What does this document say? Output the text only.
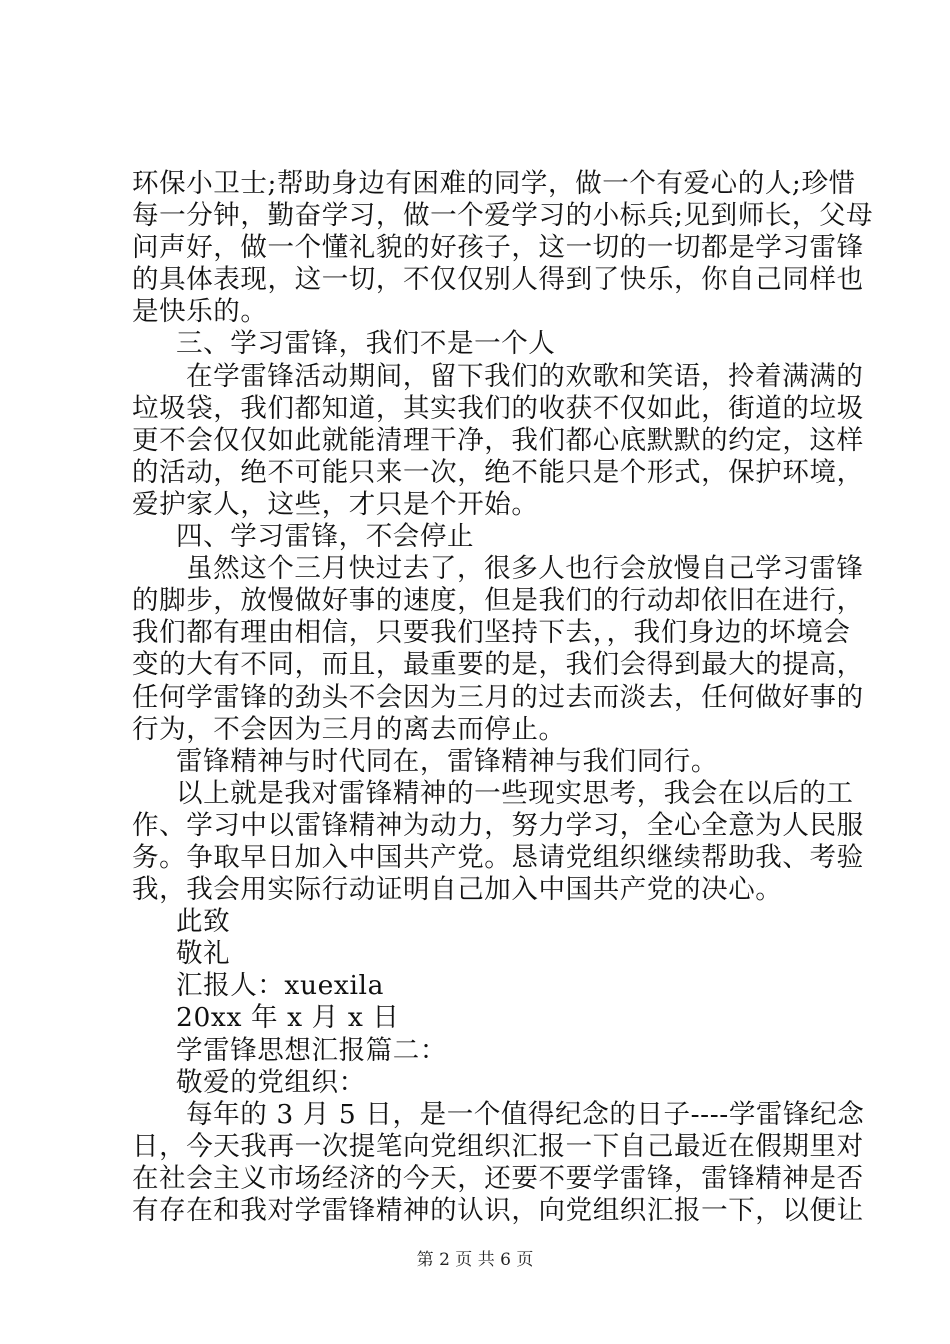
环保小卫士;帮助身边有困难的同学，做一个有爱心的人;珍惜
每一分钟，勤奋学习，做一个爱学习的小标兵;见到师长，父母
问声好，做一个懂礼貌的好孩子，这一切的一切都是学习雷锋
的具体表现，这一切，不仅仅别人得到了快乐，你自己同样也
是快乐的。
三、学习雷锋，我们不是一个人
在学雷锋活动期间，留下我们的欢歌和笑语，拎着满满的
垃圾袋，我们都知道，其实我们的收获不仅如此，街道的垃圾
更不会仅仅如此就能清理干净，我们都心底默默的约定，这样
的活动，绝不可能只来一次，绝不能只是个形式，保护环境，
爱护家人，这些，才只是个开始。
四、学习雷锋，不会停止
虽然这个三月快过去了，很多人也行会放慢自己学习雷锋
的脚步，放慢做好事的速度，但是我们的行动却依旧在进行，
我们都有理由相信，只要我们坚持下去，，我们身边的坏境会
变的大有不同，而且，最重要的是，我们会得到最大的提高，
任何学雷锋的劲头不会因为三月的过去而淡去，任何做好事的
行为，不会因为三月的离去而停止。
雷锋精神与时代同在，雷锋精神与我们同行。
以上就是我对雷锋精神的一些现实思考，我会在以后的工
作、学习中以雷锋精神为动力，努力学习，全心全意为人民服
务。争取早日加入中国共产党。恳请党组织继续帮助我、考验
我，我会用实际行动证明自己加入中国共产党的决心。
此致
敬礼
汇报人：xuexila
20xx 年 x 月 x 日
学雷锋思想汇报篇二：
敬爱的党组织：
每年的 3 月 5 日，是一个值得纪念的日子----学雷锋纪念
日，今天我再一次提笔向党组织汇报一下自己最近在假期里对
在社会主义市场经济的今天，还要不要学雷锋，雷锋精神是否
有存在和我对学雷锋精神的认识，向党组织汇报一下，以便让
第 2 页 共 6 页
